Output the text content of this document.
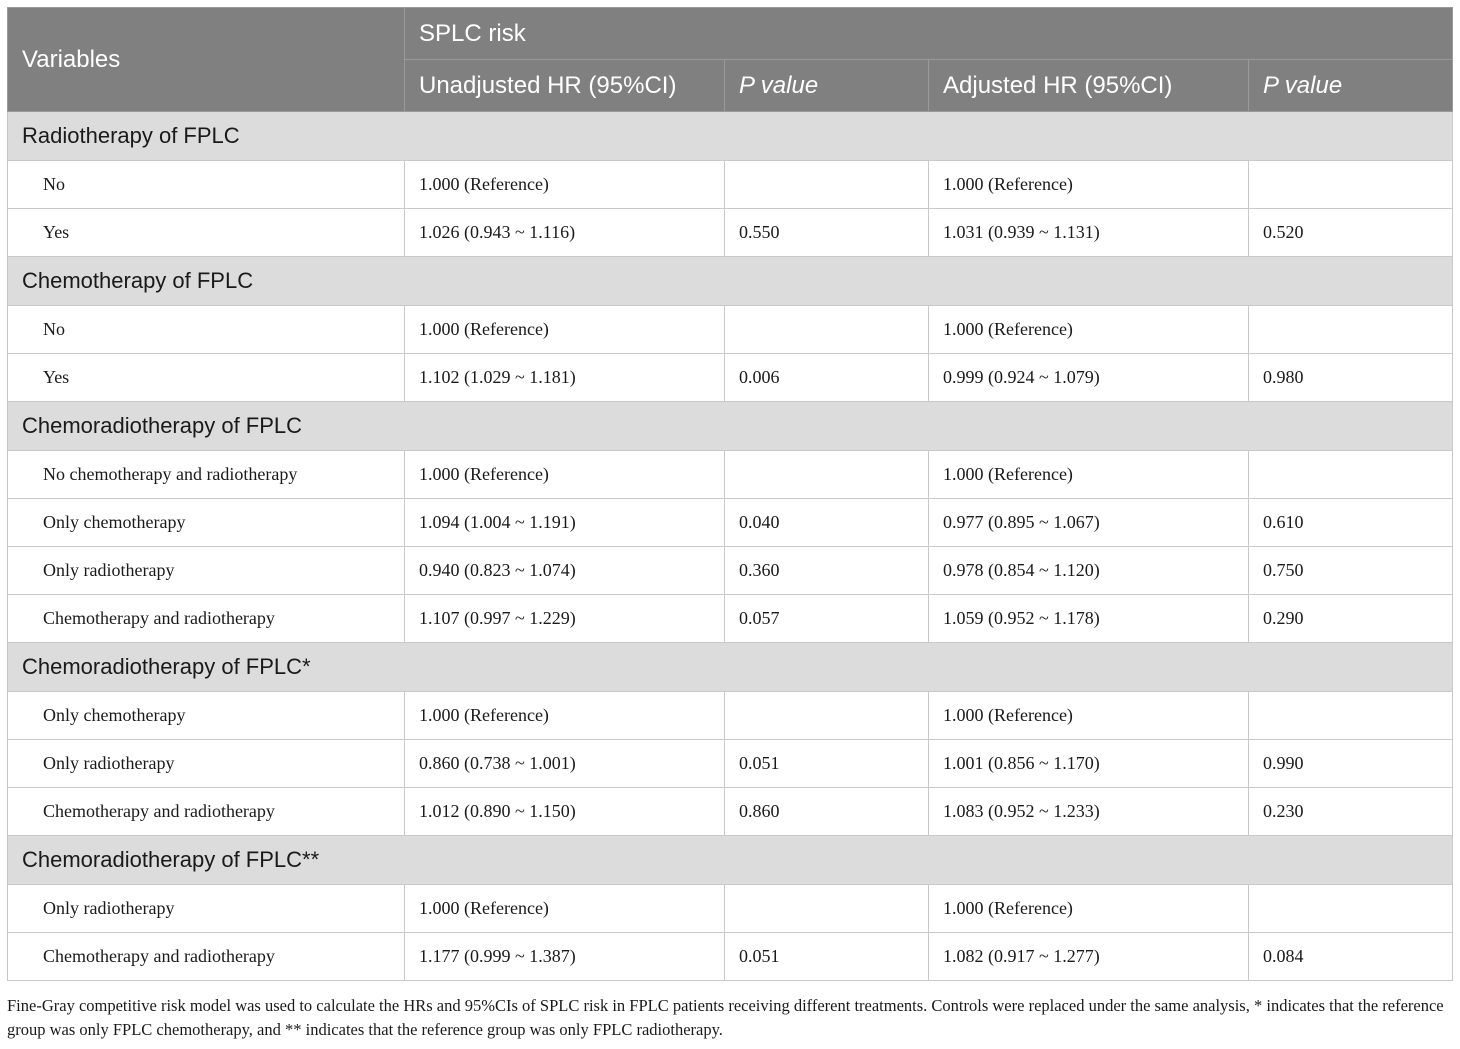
Variables	SPLC risk			
	Unadjusted HR (95%CI)	P value	Adjusted HR (95%CI)	P value
Radiotherapy of FPLC				
No	1.000 (Reference)		1.000 (Reference)	
Yes	1.026 (0.943 ~ 1.116)	0.550	1.031 (0.939 ~ 1.131)	0.520
Chemotherapy of FPLC				
No	1.000 (Reference)		1.000 (Reference)	
Yes	1.102 (1.029 ~ 1.181)	0.006	0.999 (0.924 ~ 1.079)	0.980
Chemoradiotherapy of FPLC				
No chemotherapy and radiotherapy	1.000 (Reference)		1.000 (Reference)	
Only chemotherapy	1.094 (1.004 ~ 1.191)	0.040	0.977 (0.895 ~ 1.067)	0.610
Only radiotherapy	0.940 (0.823 ~ 1.074)	0.360	0.978 (0.854 ~ 1.120)	0.750
Chemotherapy and radiotherapy	1.107 (0.997 ~ 1.229)	0.057	1.059 (0.952 ~ 1.178)	0.290
Chemoradiotherapy of FPLC*				
Only chemotherapy	1.000 (Reference)		1.000 (Reference)	
Only radiotherapy	0.860 (0.738 ~ 1.001)	0.051	1.001 (0.856 ~ 1.170)	0.990
Chemotherapy and radiotherapy	1.012 (0.890 ~ 1.150)	0.860	1.083 (0.952 ~ 1.233)	0.230
Chemoradiotherapy of FPLC**				
Only radiotherapy	1.000 (Reference)		1.000 (Reference)	
Chemotherapy and radiotherapy	1.177 (0.999 ~ 1.387)	0.051	1.082 (0.917 ~ 1.277)	0.084
Fine-Gray competitive risk model was used to calculate the HRs and 95%CIs of SPLC risk in FPLC patients receiving different treatments. Controls were replaced under the same analysis, * indicates that the reference group was only FPLC chemotherapy, and ** indicates that the reference group was only FPLC radiotherapy.
